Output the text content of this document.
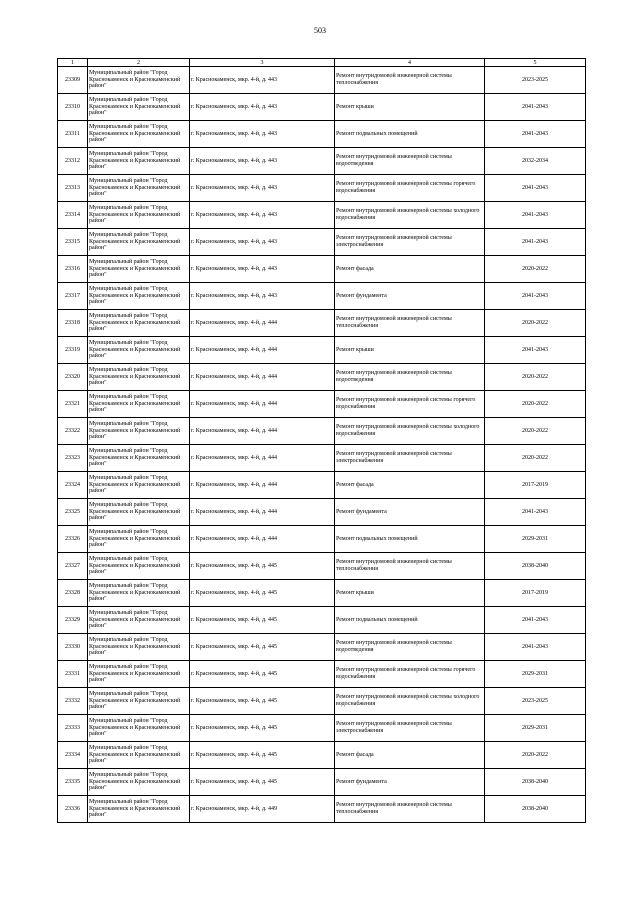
503
1	2	3	4	5
23309	Муниципальный район "Город Краснокаменск и Краснокаменский район"	г. Краснокаменск, мкр. 4-й, д. 443	Ремонт внутридомовой инженерной системы теплоснабжения	2023-2025
23310	Муниципальный район "Город Краснокаменск и Краснокаменский район"	г. Краснокаменск, мкр. 4-й, д. 443	Ремонт крыши	2041-2043
23311	Муниципальный район "Город Краснокаменск и Краснокаменский район"	г. Краснокаменск, мкр. 4-й, д. 443	Ремонт подвальных помещений	2041-2043
23312	Муниципальный район "Город Краснокаменск и Краснокаменский район"	г. Краснокаменск, мкр. 4-й, д. 443	Ремонт внутридомовой инженерной системы водоотведения	2032-2034
23313	Муниципальный район "Город Краснокаменск и Краснокаменский район"	г. Краснокаменск, мкр. 4-й, д. 443	Ремонт внутридомовой инженерной системы горячего водоснабжения	2041-2043
23314	Муниципальный район "Город Краснокаменск и Краснокаменский район"	г. Краснокаменск, мкр. 4-й, д. 443	Ремонт внутридомовой инженерной системы холодного водоснабжения	2041-2043
23315	Муниципальный район "Город Краснокаменск и Краснокаменский район"	г. Краснокаменск, мкр. 4-й, д. 443	Ремонт внутридомовой инженерной системы электроснабжения	2041-2043
23316	Муниципальный район "Город Краснокаменск и Краснокаменский район"	г. Краснокаменск, мкр. 4-й, д. 443	Ремонт фасада	2020-2022
23317	Муниципальный район "Город Краснокаменск и Краснокаменский район"	г. Краснокаменск, мкр. 4-й, д. 443	Ремонт фундамента	2041-2043
23318	Муниципальный район "Город Краснокаменск и Краснокаменский район"	г. Краснокаменск, мкр. 4-й, д. 444	Ремонт внутридомовой инженерной системы теплоснабжения	2020-2022
23319	Муниципальный район "Город Краснокаменск и Краснокаменский район"	г. Краснокаменск, мкр. 4-й, д. 444	Ремонт крыши	2041-2043
23320	Муниципальный район "Город Краснокаменск и Краснокаменский район"	г. Краснокаменск, мкр. 4-й, д. 444	Ремонт внутридомовой инженерной системы водоотведения	2020-2022
23321	Муниципальный район "Город Краснокаменск и Краснокаменский район"	г. Краснокаменск, мкр. 4-й, д. 444	Ремонт внутридомовой инженерной системы горячего водоснабжения	2020-2022
23322	Муниципальный район "Город Краснокаменск и Краснокаменский район"	г. Краснокаменск, мкр. 4-й, д. 444	Ремонт внутридомовой инженерной системы холодного водоснабжения	2020-2022
23323	Муниципальный район "Город Краснокаменск и Краснокаменский район"	г. Краснокаменск, мкр. 4-й, д. 444	Ремонт внутридомовой инженерной системы электроснабжения	2020-2022
23324	Муниципальный район "Город Краснокаменск и Краснокаменский район"	г. Краснокаменск, мкр. 4-й, д. 444	Ремонт фасада	2017-2019
23325	Муниципальный район "Город Краснокаменск и Краснокаменский район"	г. Краснокаменск, мкр. 4-й, д. 444	Ремонт фундамента	2041-2043
23326	Муниципальный район "Город Краснокаменск и Краснокаменский район"	г. Краснокаменск, мкр. 4-й, д. 444	Ремонт подвальных помещений	2029-2031
23327	Муниципальный район "Город Краснокаменск и Краснокаменский район"	г. Краснокаменск, мкр. 4-й, д. 445	Ремонт внутридомовой инженерной системы теплоснабжения	2038-2040
23328	Муниципальный район "Город Краснокаменск и Краснокаменский район"	г. Краснокаменск, мкр. 4-й, д. 445	Ремонт крыши	2017-2019
23329	Муниципальный район "Город Краснокаменск и Краснокаменский район"	г. Краснокаменск, мкр. 4-й, д. 445	Ремонт подвальных помещений	2041-2043
23330	Муниципальный район "Город Краснокаменск и Краснокаменский район"	г. Краснокаменск, мкр. 4-й, д. 445	Ремонт внутридомовой инженерной системы водоотведения	2041-2043
23331	Муниципальный район "Город Краснокаменск и Краснокаменский район"	г. Краснокаменск, мкр. 4-й, д. 445	Ремонт внутридомовой инженерной системы горячего водоснабжения	2029-2031
23332	Муниципальный район "Город Краснокаменск и Краснокаменский район"	г. Краснокаменск, мкр. 4-й, д. 445	Ремонт внутридомовой инженерной системы холодного водоснабжения	2023-2025
23333	Муниципальный район "Город Краснокаменск и Краснокаменский район"	г. Краснокаменск, мкр. 4-й, д. 445	Ремонт внутридомовой инженерной системы электроснабжения	2029-2031
23334	Муниципальный район "Город Краснокаменск и Краснокаменский район"	г. Краснокаменск, мкр. 4-й, д. 445	Ремонт фасада	2020-2022
23335	Муниципальный район "Город Краснокаменск и Краснокаменский район"	г. Краснокаменск, мкр. 4-й, д. 445	Ремонт фундамента	2038-2040
23336	Муниципальный район "Город Краснокаменск и Краснокаменский район"	г. Краснокаменск, мкр. 4-й, д. 449	Ремонт внутридомовой инженерной системы теплоснабжения	2038-2040
